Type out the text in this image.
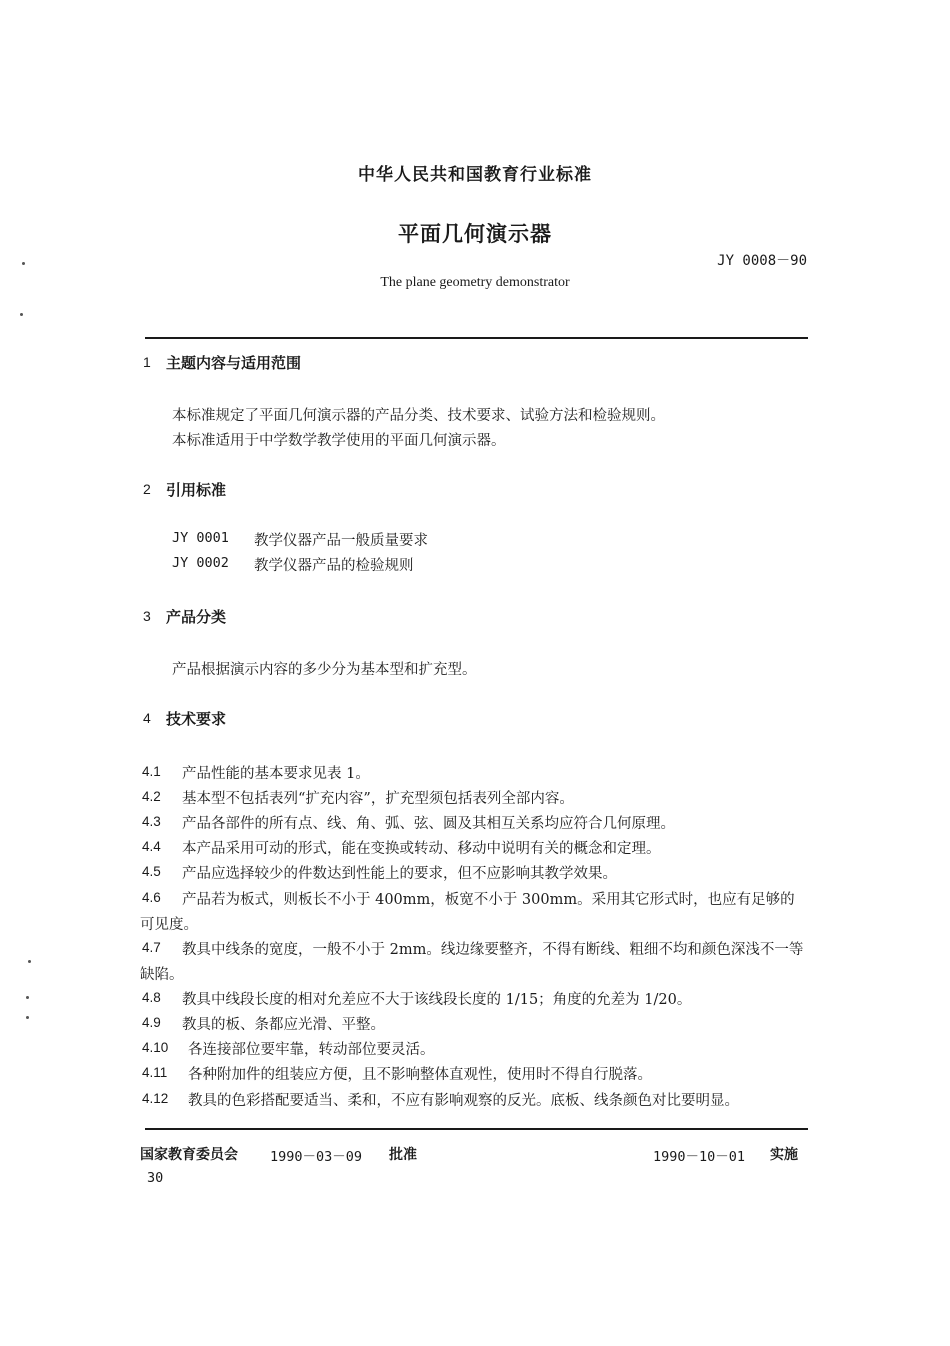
中华人民共和国教育行业标准
平面几何演示器
JY 0008－90
The plane geometry demonstrator
1 主题内容与适用范围
本标准规定了平面几何演示器的产品分类、技术要求、试验方法和检验规则。
本标准适用于中学数学教学使用的平面几何演示器。
2 引用标准
JY 0001 教学仪器产品一般质量要求
JY 0002 教学仪器产品的检验规则
3 产品分类
产品根据演示内容的多少分为基本型和扩充型。
4 技术要求
4.1 产品性能的基本要求见表 1。
4.2 基本型不包括表列“扩充内容”，扩充型须包括表列全部内容。
4.3 产品各部件的所有点、线、角、弧、弦、圆及其相互关系均应符合几何原理。
4.4 本产品采用可动的形式，能在变换或转动、移动中说明有关的概念和定理。
4.5 产品应选择较少的件数达到性能上的要求，但不应影响其教学效果。
4.6	产品若为板式，则板长不小于 400mm，板宽不小于 300mm。采用其它形式时，也应有足够的可见度。
4.7	教具中线条的宽度，一般不小于 2mm。线边缘要整齐，不得有断线、粗细不均和颜色深浅不一等缺陷。
4.8 教具中线段长度的相对允差应不大于该线段长度的 1/15；角度的允差为 1/20。
4.9 教具的板、条都应光滑、平整。
4.10 各连接部位要牢靠，转动部位要灵活。
4.11 各种附加件的组装应方便，且不影响整体直观性，使用时不得自行脱落。
4.12 教具的色彩搭配要适当、柔和，不应有影响观察的反光。底板、线条颜色对比要明显。
国家教育委员会 1990－03－09 批准	1990－10－01 实施
30
